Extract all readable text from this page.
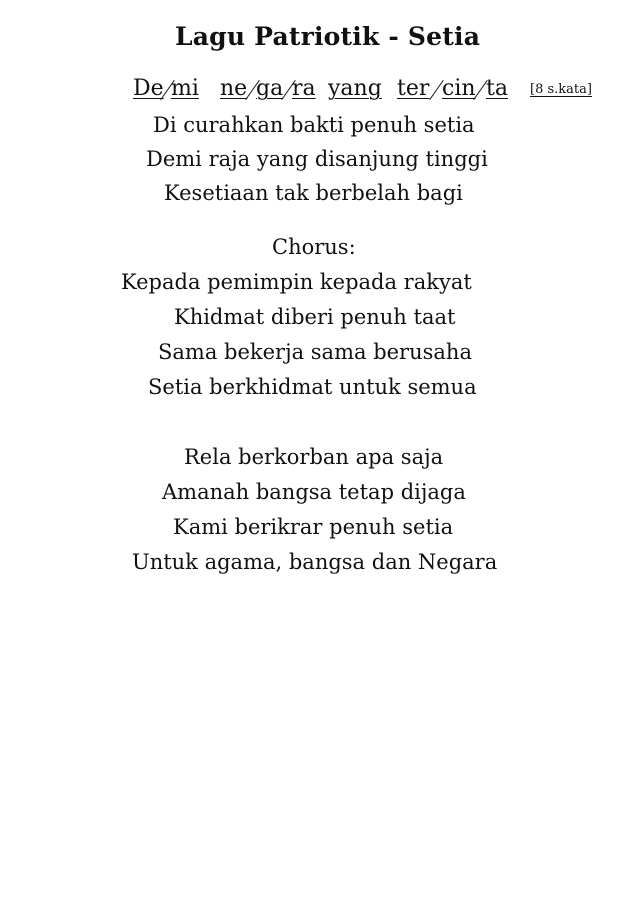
Lagu Patriotik - Setia
De mi ne ga ra yang ter cin ta [8 s.kata]
Di curahkan bakti penuh setia
Demi raja yang disanjung tinggi
Kesetiaan tak berbelah bagi
Chorus:
Kepada pemimpin kepada rakyat
Khidmat diberi penuh taat
Sama bekerja sama berusaha
Setia berkhidmat untuk semua
Rela berkorban apa saja
Amanah bangsa tetap dijaga
Kami berikrar penuh setia
Untuk agama, bangsa dan Negara
